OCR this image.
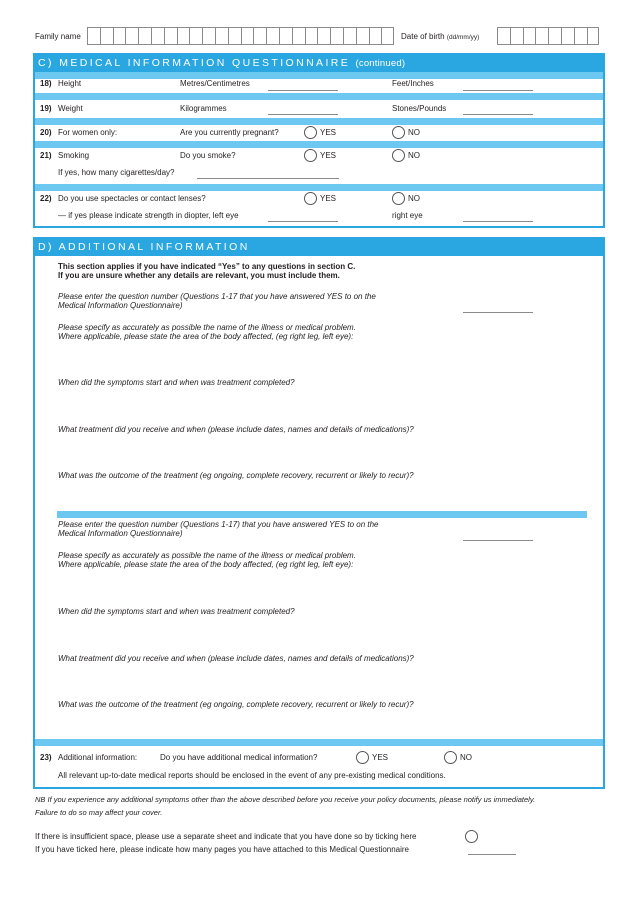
Family name	Date of birth (dd/mm/yy)
C) MEDICAL INFORMATION QUESTIONNAIRE (continued)
18) Height	Metres/Centimetres	Feet/Inches
19) Weight	Kilogrammes	Stones/Pounds
20) For women only:	Are you currently pregnant?	YES	NO
21) Smoking	Do you smoke?	YES	NO
If yes, how many cigarettes/day?
22) Do you use spectacles or contact lenses?	YES	NO
— if yes please indicate strength in diopter, left eye	right eye
D) ADDITIONAL INFORMATION
This section applies if you have indicated “Yes” to any questions in section C.
If you are unsure whether any details are relevant, you must include them.
Please enter the question number (Questions 1-17 that you have answered YES to on the
Medical Information Questionnaire)
Please specify as accurately as possible the name of the illness or medical problem.
Where applicable, please state the area of the body affected, (eg right leg, left eye):
When did the symptoms start and when was treatment completed?
What treatment did you receive and when (please include dates, names and details of medications)?
What was the outcome of the treatment (eg ongoing, complete recovery, recurrent or likely to recur)?
Please enter the question number (Questions 1-17) that you have answered YES to on the
Medical Information Questionnaire)
Please specify as accurately as possible the name of the illness or medical problem.
Where applicable, please state the area of the body affected, (eg right leg, left eye):
When did the symptoms start and when was treatment completed?
What treatment did you receive and when (please include dates, names and details of medications)?
What was the outcome of the treatment (eg ongoing, complete recovery, recurrent or likely to recur)?
23) Additional information:	Do you have additional medical information?	YES	NO
All relevant up-to-date medical reports should be enclosed in the event of any pre-existing medical conditions.
NB If you experience any additional symptoms other than the above described before you receive your policy documents, please notify us immediately.
Failure to do so may affect your cover.
If there is insufficient space, please use a separate sheet and indicate that you have done so by ticking here
If you have ticked here, please indicate how many pages you have attached to this Medical Questionnaire
